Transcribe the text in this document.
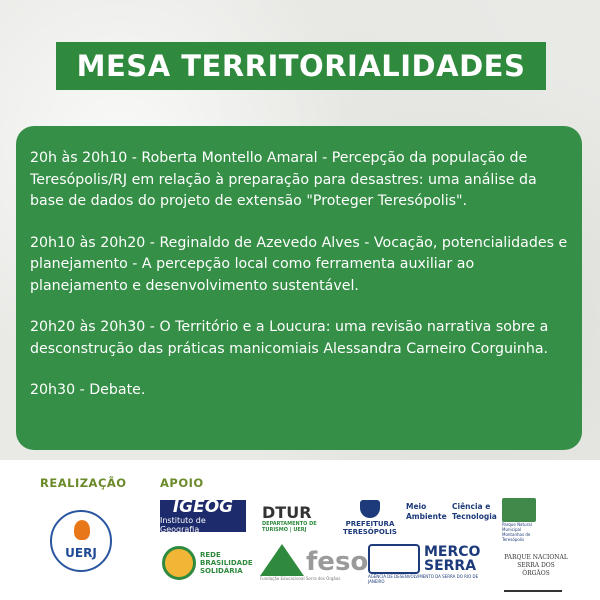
MESA TERRITORIALIDADES

20h às 20h10 - Roberta Montello Amaral - Percepção da população de Teresópolis/RJ em relação à preparação para desastres: uma análise da base de dados do projeto de extensão "Proteger Teresópolis".

20h10 às 20h20 - Reginaldo de Azevedo Alves - Vocação, potencialidades e planejamento - A percepção local como ferramenta auxiliar ao planejamento e desenvolvimento sustentável.

20h20 às 20h30 - O Território e a Loucura: uma revisão narrativa sobre a desconstrução das práticas manicomiais Alessandra Carneiro Corguinha.

20h30 - Debate.

REALIZAÇÃO	APOIO
UERJ
IGEOG
Instituto de Geografia
DTUR
DEPARTAMENTO DE TURISMO | UERJ
PREFEITURA
TERESÓPOLIS
Meio Ambiente
Ciência e Tecnologia
Parque Natural Municipal Montanhas de Teresópolis
REDE BRASILIDADE SOLIDÁRIA feso
Fundação Educacional Serra dos Órgãos
MERCO SERRA
AGÊNCIA DE DESENVOLVIMENTO DA SERRA DO RIO DE JANEIRO
PARQUE NACIONAL SERRA DOS ÓRGÃOS
